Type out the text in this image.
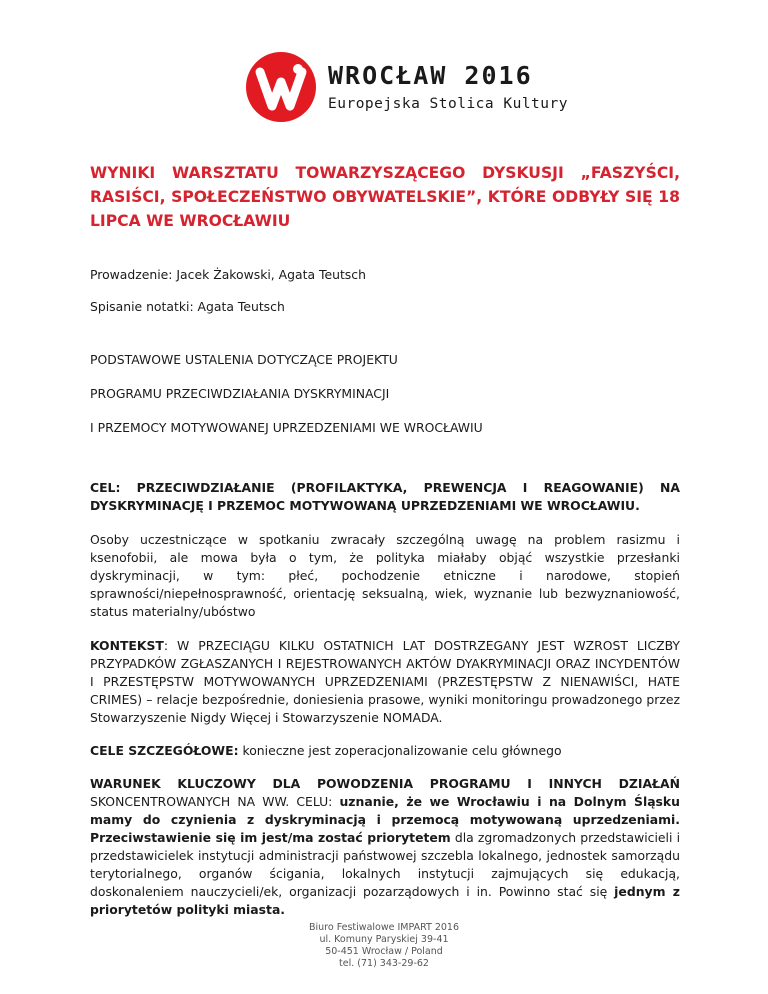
WROCŁAW 2016
Europejska Stolica Kultury
WYNIKI WARSZTATU TOWARZYSZĄCEGO DYSKUSJI „FASZYŚCI, RASIŚCI, SPOŁECZEŃSTWO OBYWATELSKIE”, KTÓRE ODBYŁY SIĘ 18 LIPCA WE WROCŁAWIU

Prowadzenie: Jacek Żakowski, Agata Teutsch

Spisanie notatki: Agata Teutsch

PODSTAWOWE USTALENIA DOTYCZĄCE PROJEKTU

PROGRAMU PRZECIWDZIAŁANIA DYSKRYMINACJI

I PRZEMOCY MOTYWOWANEJ UPRZEDZENIAMI WE WROCŁAWIU

CEL: PRZECIWDZIAŁANIE (PROFILAKTYKA, PREWENCJA I REAGOWANIE) NA DYSKRYMINACJĘ I PRZEMOC MOTYWOWANĄ UPRZEDZENIAMI WE WROCŁAWIU.

Osoby uczestniczące w spotkaniu zwracały szczególną uwagę na problem rasizmu i ksenofobii, ale mowa była o tym, że polityka miałaby objąć wszystkie przesłanki dyskryminacji, w tym: płeć, pochodzenie etniczne i narodowe, stopień sprawności/niepełnosprawność, orientację seksualną, wiek, wyznanie lub bezwyznaniowość, status materialny/ubóstwo

KONTEKST: W PRZECIĄGU KILKU OSTATNICH LAT DOSTRZEGANY JEST WZROST LICZBY PRZYPADKÓW ZGŁASZANYCH I REJESTROWANYCH AKTÓW DYAKRYMINACJI ORAZ INCYDENTÓW I PRZESTĘPSTW MOTYWOWANYCH UPRZEDZENIAMI (PRZESTĘPSTW Z NIENAWIŚCI, HATE CRIMES) – relacje bezpośrednie, doniesienia prasowe, wyniki monitoringu prowadzonego przez Stowarzyszenie Nigdy Więcej i Stowarzyszenie NOMADA.

CELE SZCZEGÓŁOWE: konieczne jest zoperacjonalizowanie celu głównego

WARUNEK KLUCZOWY DLA POWODZENIA PROGRAMU I INNYCH DZIAŁAŃ SKONCENTROWANYCH NA WW. CELU: uznanie, że we Wrocławiu i na Dolnym Śląsku mamy do czynienia z dyskryminacją i przemocą motywowaną uprzedzeniami. Przeciwstawienie się im jest/ma zostać priorytetem dla zgromadzonych przedstawicieli i przedstawicielek instytucji administracji państwowej szczebla lokalnego, jednostek samorządu terytorialnego, organów ścigania, lokalnych instytucji zajmujących się edukacją, doskonaleniem nauczycieli/ek, organizacji pozarządowych i in. Powinno stać się jednym z priorytetów polityki miasta.

Biuro Festiwalowe IMPART 2016
ul. Komuny Paryskiej 39-41
50-451 Wrocław / Poland
tel. (71) 343-29-62
